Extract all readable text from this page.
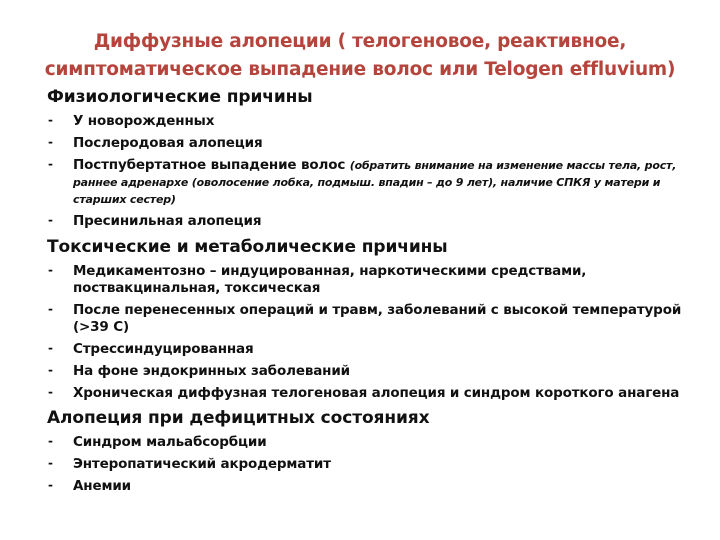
Диффузные алопеции ( телогеновое, реактивное,
симптоматическое выпадение волос или Telogen effluvium)

Физиологические причины

- У новорожденных
- Послеродовая алопеция
- Постпубертатное выпадение волос (обратить внимание на изменение массы тела, рост, раннее адренархе (оволосение лобка, подмыш. впадин – до 9 лет), наличие СПКЯ у матери и старших сестер)
- Пресинильная алопеция

Токсические и метаболические причины

- Медикаментозно – индуцированная, наркотическими средствами, поствакцинальная, токсическая
- После перенесенных операций и травм, заболеваний с высокой температурой (>39 С)
- Стрессиндуцированная
- На фоне эндокринных заболеваний
- Хроническая диффузная телогеновая алопеция и синдром короткого анагена

Алопеция при дефицитных состояниях

- Синдром мальабсорбции
- Энтеропатический акродерматит
- Анемии
